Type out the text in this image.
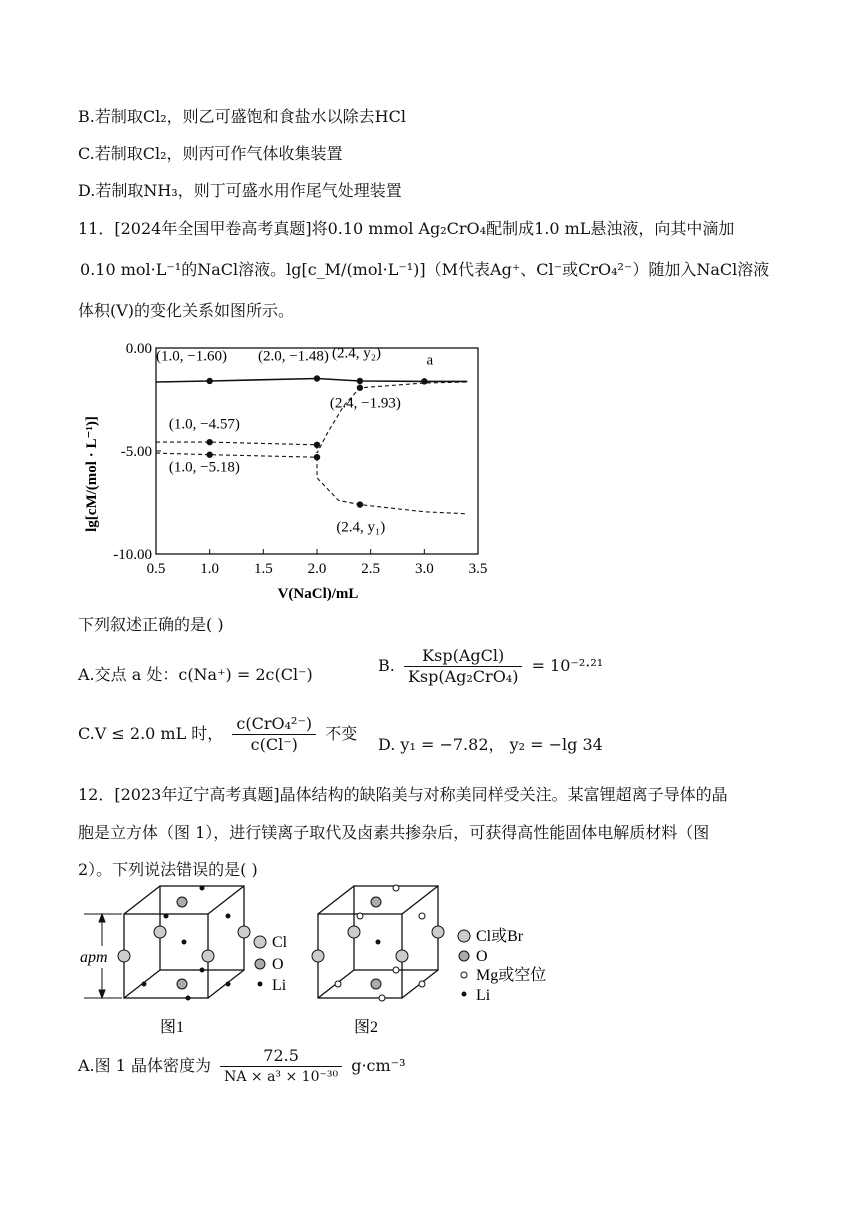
B.若制取Cl₂，则乙可盛饱和食盐水以除去HCl
C.若制取Cl₂，则丙可作气体收集装置
D.若制取NH₃，则丁可盛水用作尾气处理装置
11．[2024年全国甲卷高考真题]将0.10 mmol Ag₂CrO₄配制成1.0 mL悬浊液，向其中滴加
0.10 mol·L⁻¹的NaCl溶液。lg[c_M/(mol·L⁻¹)]（M代表Ag⁺、Cl⁻或CrO₄²⁻）随加入NaCl溶液
体积(V)的变化关系如图所示。
(1.0, −1.60) (2.0, −1.48) (2.4, y₂)	a
(2.4, −1.93)
(1.0, −4.57)
(1.0, −5.18)
(2.4, y₁)
0.5 1.0 1.5 2.0 2.5 3.0 3.5
0.00
-5.00
-10.00
lg[cM/(mol · L⁻¹)]
V(NaCl)/mL
下列叙述正确的是( )
A.交点 a 处：c(Na⁺) = 2c(Cl⁻)	B. $\frac{\text{Ksp(AgCl)}}{\text{Ksp(Ag₂CrO₄)}} = 10^{-2}\cdot^{21}$
C.V ≤ 2.0 mL 时， $\frac{\text{c(CrO₄²⁻)}}{c(Cl^-)}$ 不变
D. y₁ = −7.82， y₂ = −lg 34
12．[2023年辽宁高考真题]晶体结构的缺陷美与对称美同样受关注。某富锂超离子导体的晶
胞是立方体（图 1），进行镁离子取代及卤素共掺杂后，可获得高性能固体电解质材料（图
2）。下列说法错误的是( )
apm
Cl
O
Li
图1
Cl或Br
O
Mg或空位
Li
图2
A.图 1 晶体密度为 $\frac{72.5}{\text{NA × a³ × 10⁻³⁰}} g\cdot cm^{-3}$
